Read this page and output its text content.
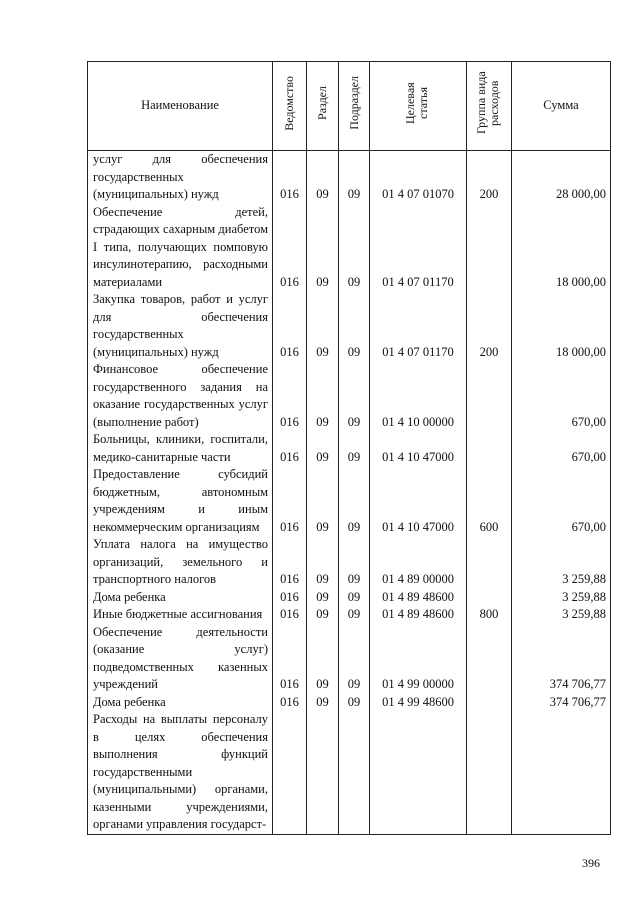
Наименование	Ведомство	Раздел	Подраздел	Целевая статья	Группа вида расходов	Сумма

услуг для обеспечения государственных (муниципальных) нужд	016	09	09	01 4 07 01070	200	28 000,00

Обеспечение детей, страдающих сахарным диабетом I типа, получающих помповую инсулинотерапию, расходными материалами	016	09	09	01 4 07 01170		18 000,00

Закупка товаров, работ и услуг для обеспечения государственных (муниципальных) нужд	016	09	09	01 4 07 01170	200	18 000,00

Финансовое обеспечение государственного задания на оказание государственных услуг (выполнение работ)	016	09	09	01 4 10 00000		670,00

Больницы, клиники, госпитали, медико-санитарные части	016	09	09	01 4 10 47000		670,00

Предоставление субсидий бюджетным, автономным учреждениям и иным некоммерческим организациям	016	09	09	01 4 10 47000	600	670,00

Уплата налога на имущество организаций, земельного и транспортного налогов	016	09	09	01 4 89 00000		3 259,88

Дома ребенка	016	09	09	01 4 89 48600		3 259,88

Иные бюджетные ассигнования	016	09	09	01 4 89 48600	800	3 259,88

Обеспечение деятельности (оказание услуг) подведомственных казенных учреждений	016	09	09	01 4 99 00000		374 706,77

Дома ребенка	016	09	09	01 4 99 48600		374 706,77

Расходы на выплаты персоналу в целях обеспечения выполнения функций государственными (муниципальными) органами, казенными учреждениями, органами управления государст-						

396
